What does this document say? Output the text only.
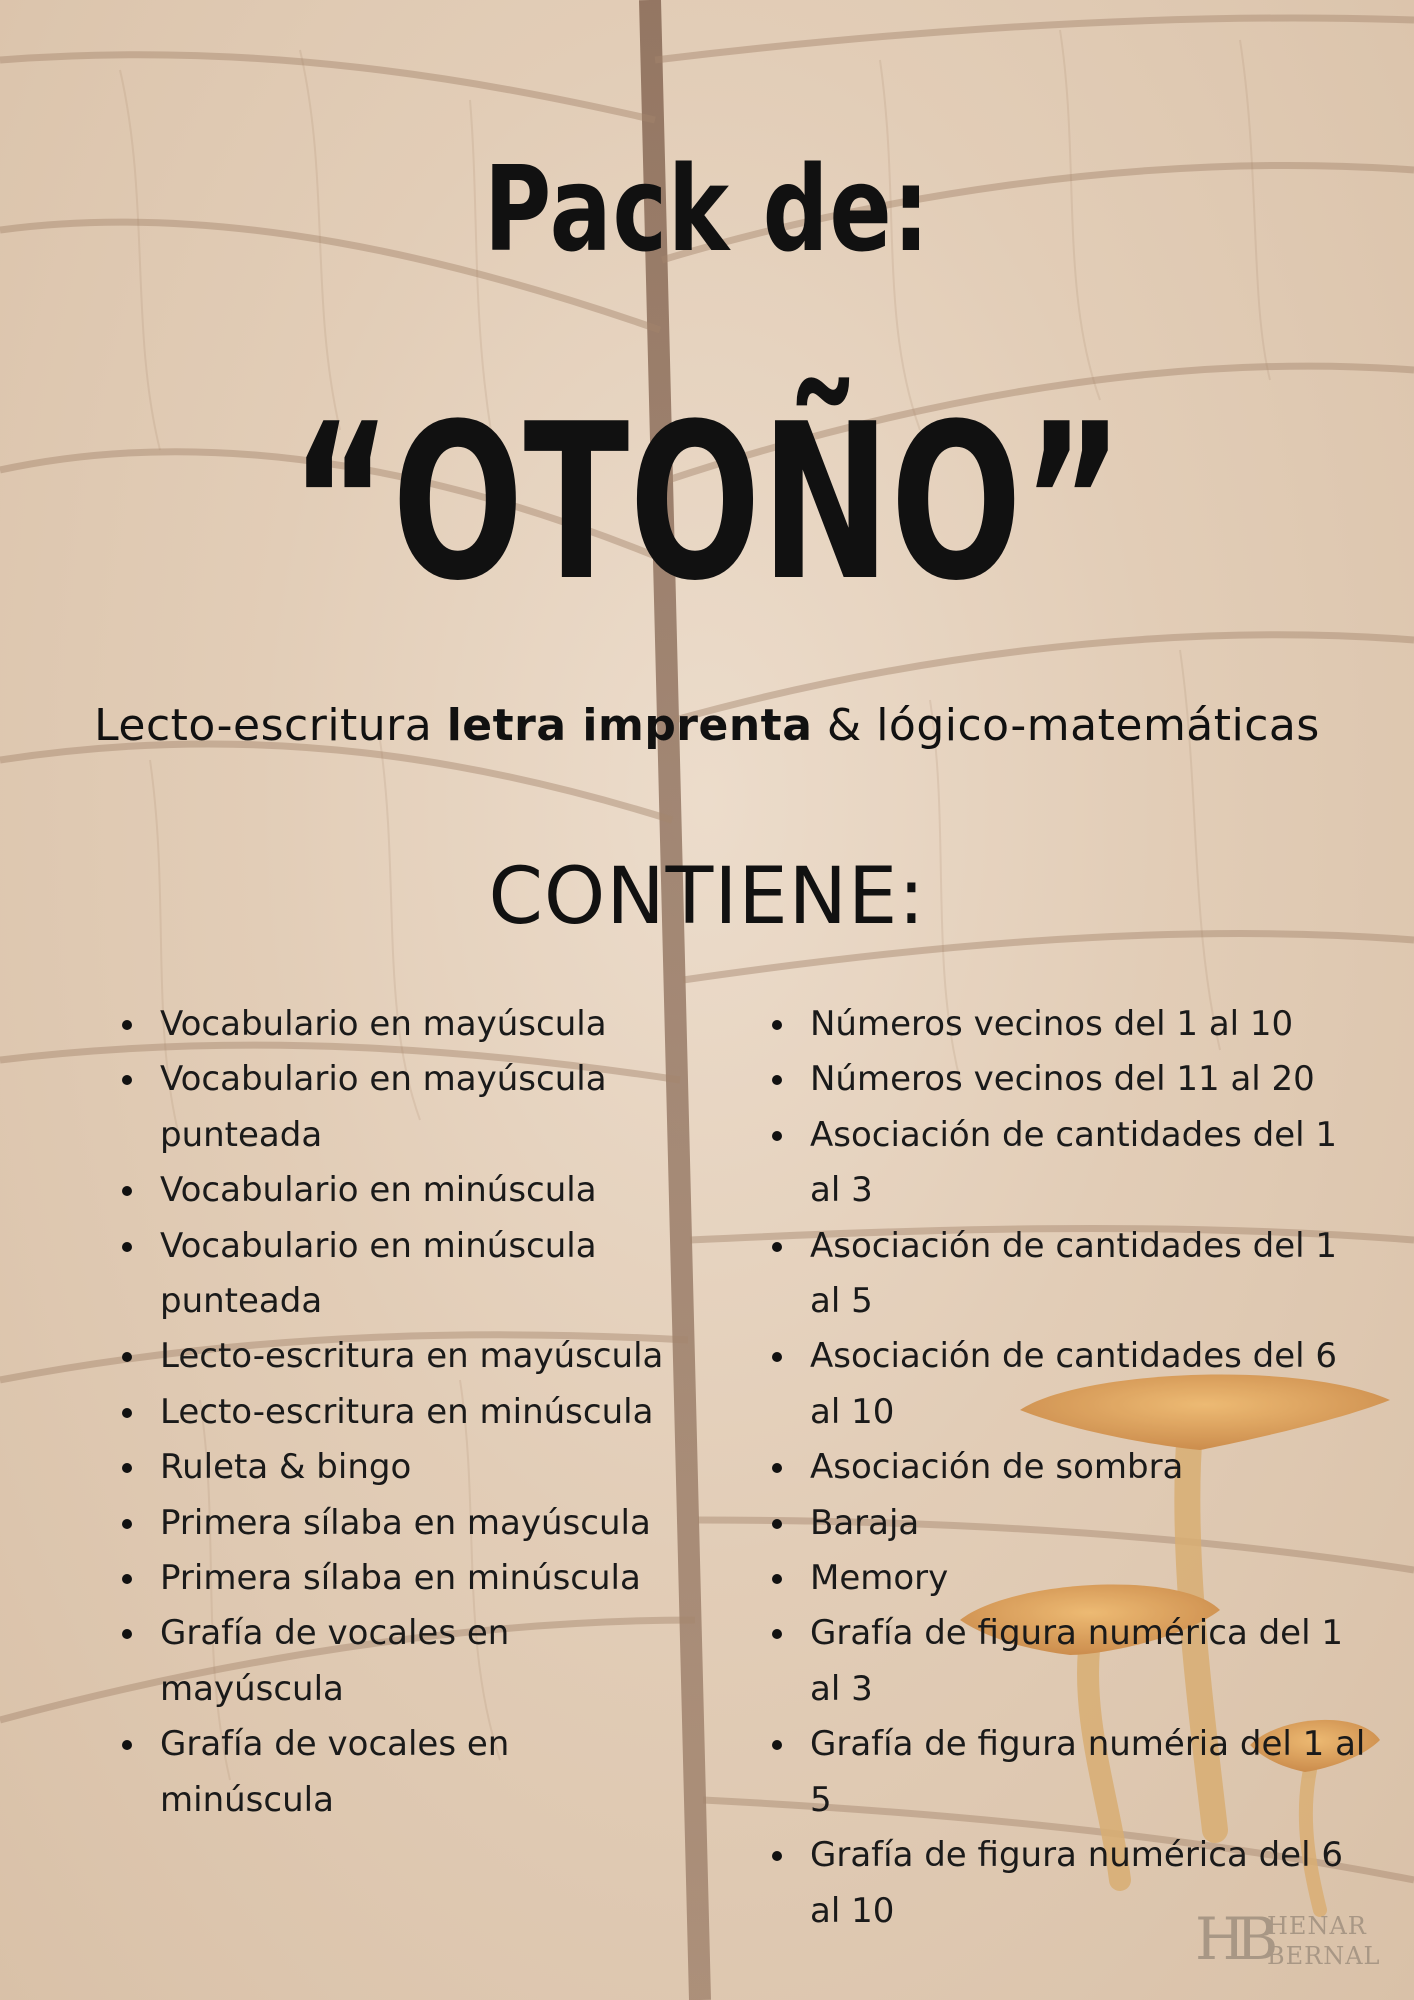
Pack de:
“OTOÑO”
Lecto-escritura letra imprenta & lógico-matemáticas
CONTIENE:
Vocabulario en mayúscula
Vocabulario en mayúscula punteada
Vocabulario en minúscula
Vocabulario en minúscula punteada
Lecto-escritura en mayúscula
Lecto-escritura en minúscula
Ruleta & bingo
Primera sílaba en mayúscula
Primera sílaba en minúscula
Grafía de vocales en mayúscula
Grafía de vocales en minúscula
Números vecinos del 1 al 10
Números vecinos del 11 al 20
Asociación de cantidades del 1 al 3
Asociación de cantidades del 1 al 5
Asociación de cantidades del 6 al 10
Asociación de sombra
Baraja
Memory
Grafía de figura numérica del 1 al 3
Grafía de figura numéria del 1 al 5
Grafía de figura numérica del 6 al 10	HB
HENAR
BERNAL
